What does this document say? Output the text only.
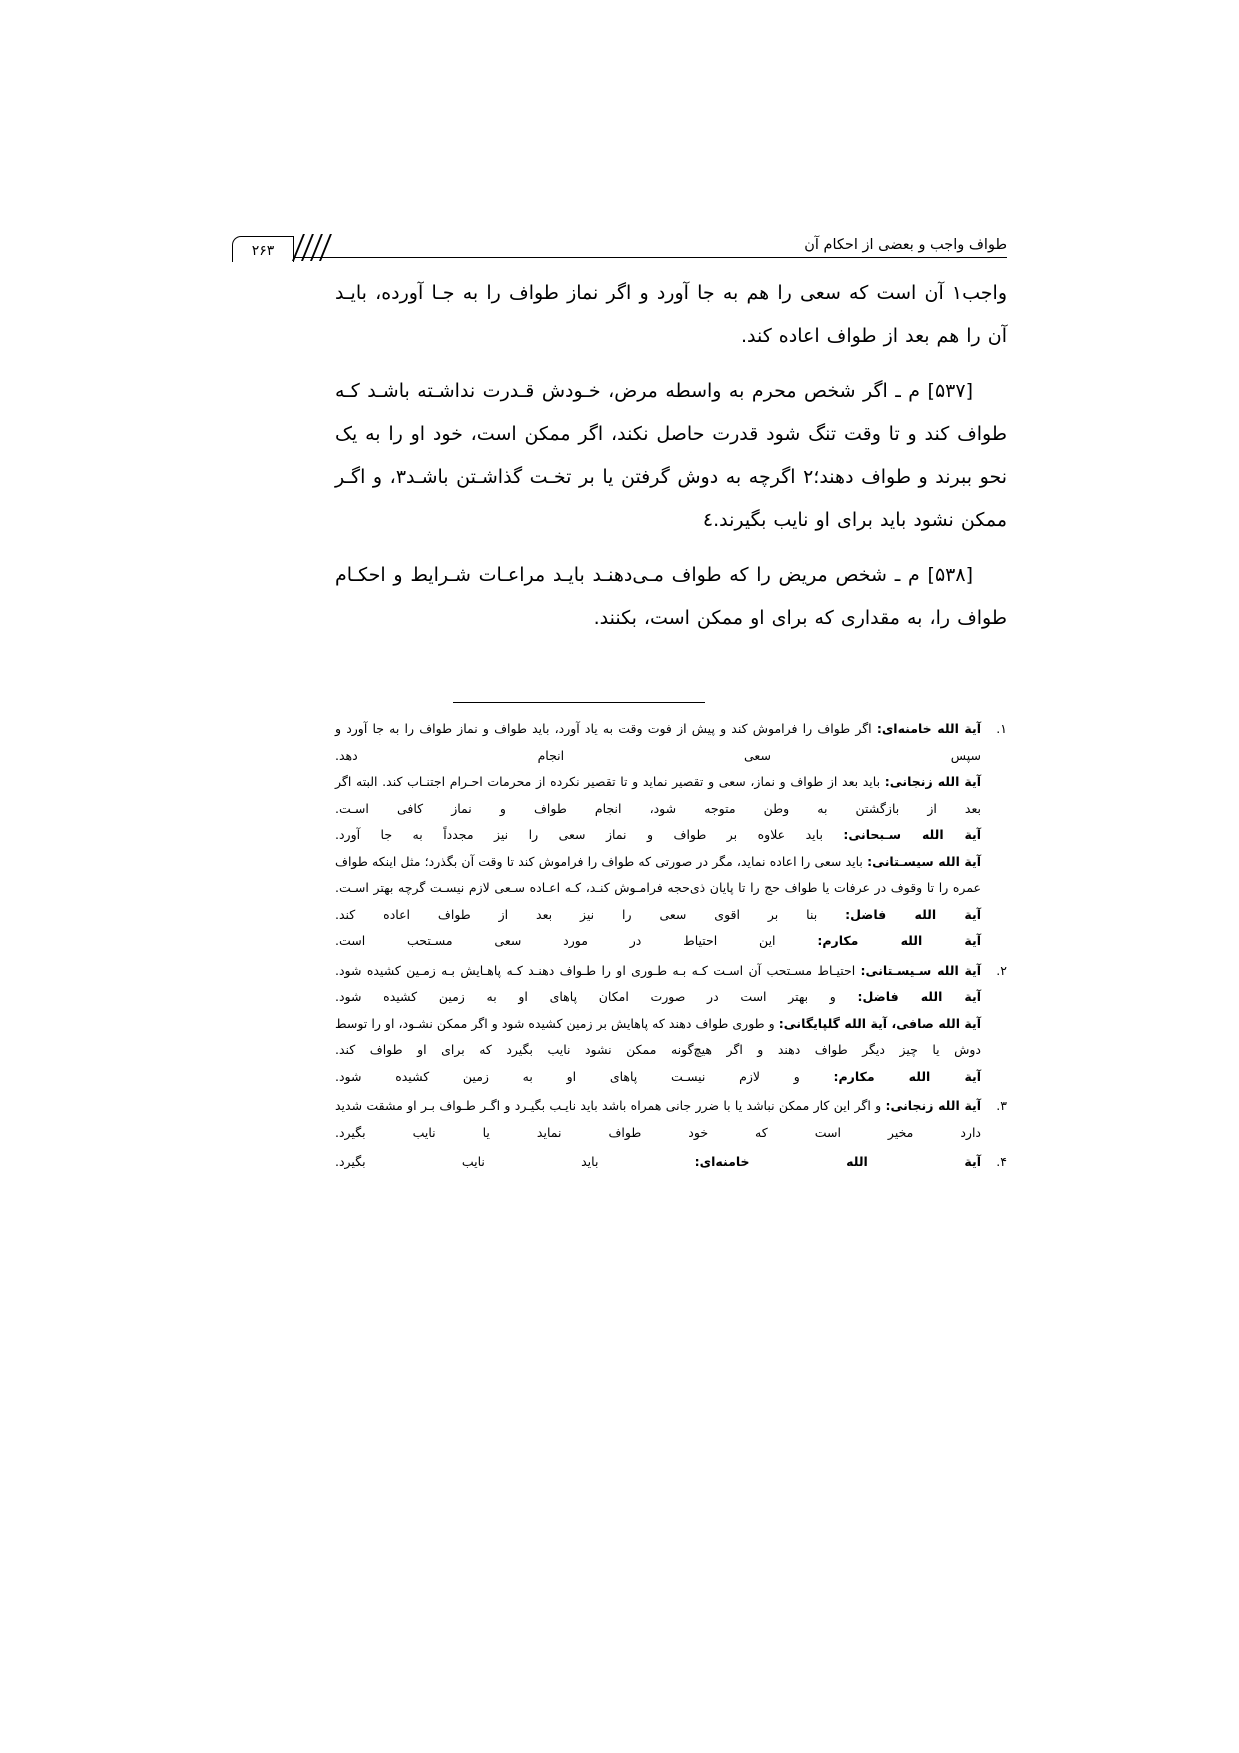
طواف واجب و بعضی از احکام آن
۲۶۳

واجب١ آن است که سعی را هم به جا آورد و اگر نماز طواف را به جـا آورده، بایـد آن را هم بعد از طواف اعاده کند.

[۵۳۷] م ـ اگر شخص محرم به واسطه مرض، خـودش قـدرت نداشـته باشـد کـه طواف کند و تا وقت تنگ شود قدرت حاصل نکند، اگر ممکن است، خود او را به یک نحو ببرند و طواف دهند؛٢ اگرچه به دوش گرفتن یا بر تخـت گذاشـتن باشـد٣، و اگـر ممکن نشود باید برای او نایب بگیرند.٤

[۵۳۸] م ـ شخص مریض را که طواف مـی‌دهنـد بایـد مراعـات شـرایط و احکـام طواف را، به مقداری که برای او ممکن است، بکنند.

۱.

آیة الله خامنه‌ای: اگر طواف را فراموش کند و پیش از فوت وقت به یاد آورد، باید طواف و نماز طواف را به جا آورد و سپس سعی انجام دهد.

آیة الله زنجانی: باید بعد از طواف و نماز، سعی و تقصیر نماید و تا تقصیر نکرده از محرمات احـرام اجتنـاب کند. البته اگر بعد از بازگشتن به وطن متوجه شود، انجام طواف و نماز کافی اسـت.

آیة الله سـبحانی: باید علاوه بر طواف و نماز سعی را نیز مجدداً به جا آورد.

آیة الله سیسـتانی: باید سعی را اعاده نماید، مگر در صورتی که طواف را فراموش کند تا وقت آن بگذرد؛ مثل اینکه طواف عمره را تا وقوف در عرفات یا طواف حج را تا پایان ذی‌حجه فرامـوش کنـد، کـه اعـاده سـعی لازم نیسـت گرچه بهتر اسـت.

آیة الله فاضل: بنا بر اقوی سعی را نیز بعد از طواف اعاده کند.

آیة الله مکارم: این احتیاط در مورد سعی مسـتحب است.

۲.

آیة الله سـیسـتانی: احتیـاط مسـتحب آن اسـت کـه بـه طـوری او را طـواف دهنـد کـه پاهـایش بـه زمـین کشیده شود.

آیة الله فاضل: و بهتر است در صورت امکان پاهای او به زمین کشیده شود.

آیة الله صافی، آیة الله گلپایگانی: و طوری طواف دهند که پاهایش بر زمین کشیده شود و اگر ممکن نشـود، او را توسط دوش یا چیز دیگر طواف دهند و اگر هیچ‌گونه ممکن نشود نایب بگیرد که برای او طواف کند.

آیة الله مکارم: و لازم نیسـت پاهای او به زمین کشیده شود.

۳.

آیة الله زنجانی: و اگر این کار ممکن نباشد یا با ضرر جانی همراه باشد باید نایـب بگیـرد و اگـر طـواف بـر او مشقت شدید دارد مخیر است که خود طواف نماید یا نایب بگیرد.

۴.

آیة الله خامنه‌ای: باید نایب بگیرد.
